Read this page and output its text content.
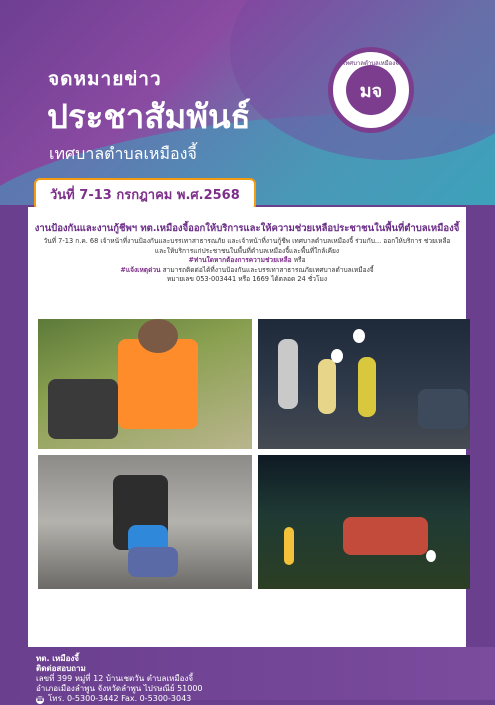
จดหมายข่าว
ประชาสัมพันธ์
เทศบาลตำบลเหมืองจี้
เทศบาลตำบลเหมืองจี้
มจ
วันที่ 7-13 กรกฎาคม พ.ศ.2568
งานป้องกันและงานกู้ชีพฯ ทต.เหมืองจี้ออกให้บริการและให้ความช่วยเหลือประชาชนในพื้นที่ตำบลเหมืองจี้
วันที่ 7-13 ก.ค. 68 เจ้าหน้าที่งานป้องกันและบรรเทาสาธารณภัย และเจ้าหน้าที่งานกู้ชีพ เทศบาลตำบลเหมืองจี้ ร่วมกับ... ออกให้บริการ ช่วยเหลือ และให้บริการแก่ประชาชนในพื้นที่ตำบลเหมืองจี้และพื้นที่ใกล้เคียง
#ท่านใดหากต้องการความช่วยเหลือ หรือ
#แจ้งเหตุด่วน สามารถติดต่อได้ที่งานป้องกันและบรรเทาสาธารณภัยเทศบาลตำบลเหมืองจี้
หมายเลข 053-003441 หรือ 1669 ได้ตลอด 24 ชั่วโมง
ทต. เหมืองจี้
ติดต่อสอบถาม
เลขที่ 399 หมู่ที่ 12 บ้านเชตวัน ตำบลเหมืองจี้
อำเภอเมืองลำพูน จังหวัดลำพูน ไปรษณีย์ 51000
☎ โทร. 0-5300-3442 Fax. 0-5300-3043
